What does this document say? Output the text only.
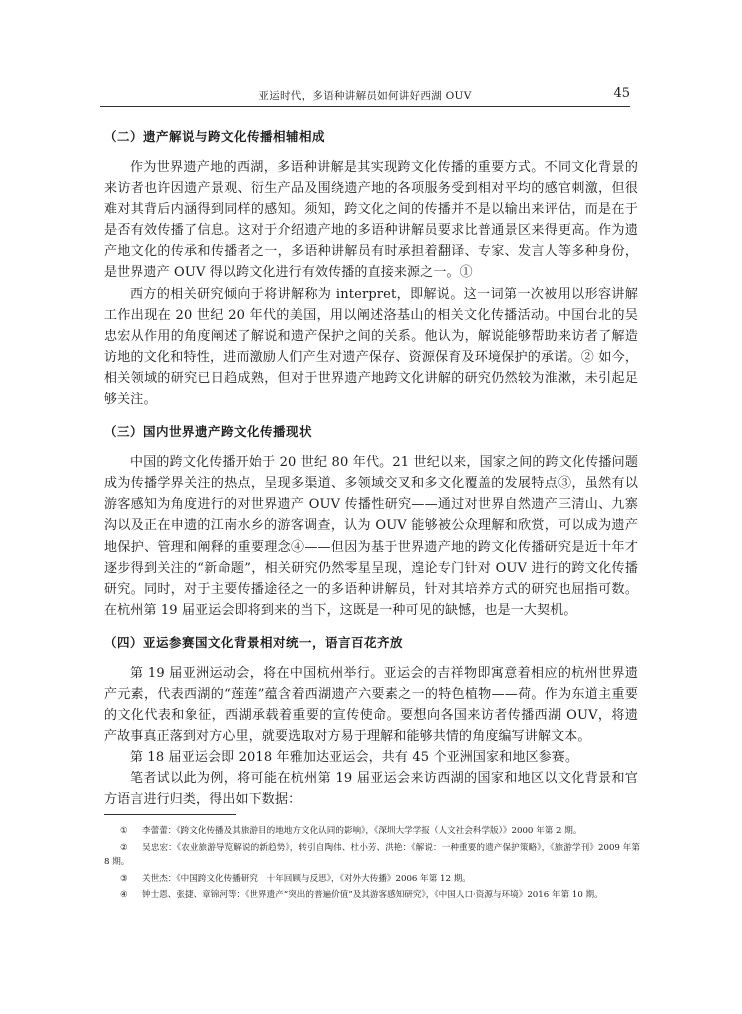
亚运时代，多语种讲解员如何讲好西湖 OUV	45
（二）遗产解说与跨文化传播相辅相成

作为世界遗产地的西湖，多语种讲解是其实现跨文化传播的重要方式。不同文化背景的来访者也许因遗产景观、衍生产品及围绕遗产地的各项服务受到相对平均的感官刺激，但很难对其背后内涵得到同样的感知。须知，跨文化之间的传播并不是以输出来评估，而是在于是否有效传播了信息。这对于介绍遗产地的多语种讲解员要求比普通景区来得更高。作为遗产地文化的传承和传播者之一，多语种讲解员有时承担着翻译、专家、发言人等多种身份，是世界遗产 OUV 得以跨文化进行有效传播的直接来源之一。①

西方的相关研究倾向于将讲解称为 interpret，即解说。这一词第一次被用以形容讲解工作出现在 20 世纪 20 年代的美国，用以阐述洛基山的相关文化传播活动。中国台北的吴忠宏从作用的角度阐述了解说和遗产保护之间的关系。他认为，解说能够帮助来访者了解造访地的文化和特性，进而激励人们产生对遗产保存、资源保育及环境保护的承诺。② 如今，相关领域的研究已日趋成熟，但对于世界遗产地跨文化讲解的研究仍然较为淮漱，未引起足够关注。

（三）国内世界遗产跨文化传播现状

中国的跨文化传播开始于 20 世纪 80 年代。21 世纪以来，国家之间的跨文化传播问题成为传播学界关注的热点，呈现多渠道、多领域交叉和多文化覆盖的发展特点③，虽然有以游客感知为角度进行的对世界遗产 OUV 传播性研究——通过对世界自然遗产三清山、九寨沟以及正在申遗的江南水乡的游客调查，认为 OUV 能够被公众理解和欣赏，可以成为遗产地保护、管理和阐释的重要理念④——但因为基于世界遗产地的跨文化传播研究是近十年才逐步得到关注的“新命题”，相关研究仍然零星呈现，遑论专门针对 OUV 进行的跨文化传播研究。同时，对于主要传播途径之一的多语种讲解员，针对其培养方式的研究也屈指可数。在杭州第 19 届亚运会即将到来的当下，这既是一种可见的缺憾，也是一大契机。

（四）亚运参赛国文化背景相对统一，语言百花齐放

第 19 届亚洲运动会，将在中国杭州举行。亚运会的吉祥物即寓意着相应的杭州世界遗产元素，代表西湖的“莲莲”蕴含着西湖遗产六要素之一的特色植物——荷。作为东道主重要的文化代表和象征，西湖承载着重要的宣传使命。要想向各国来访者传播西湖 OUV，将遗产故事真正落到对方心里，就要选取对方易于理解和能够共情的角度编写讲解文本。

第 18 届亚运会即 2018 年雅加达亚运会，共有 45 个亚洲国家和地区参赛。

笔者试以此为例，将可能在杭州第 19 届亚运会来访西湖的国家和地区以文化背景和官方语言进行归类，得出如下数据：

① 李蕾蕾：《跨文化传播及其旅游目的地地方文化认同的影响》，《深圳大学学报（人文社会科学版）》2000 年第 2 期。

② 吴忠宏：《农业旅游导览解说的新趋势》，转引自陶伟、杜小芳、洪艳：《解说：一种重要的遗产保护策略》，《旅游学刊》2009 年第 8 期。

③ 关世杰：《中国跨文化传播研究　十年回顾与反思》，《对外大传播》2006 年第 12 期。

④ 钟士恩、张捷、章锦河等：《世界遗产“突出的普遍价值”及其游客感知研究》，《中国人口·资源与环境》2016 年第 10 期。
